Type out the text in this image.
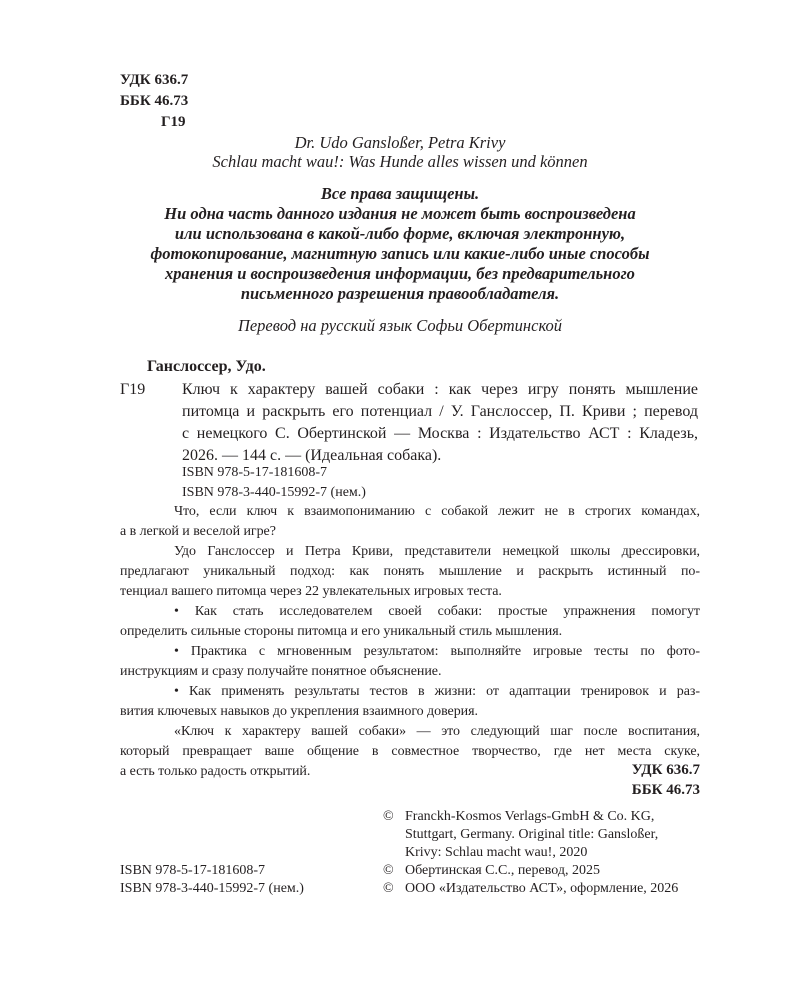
УДК 636.7
ББК 46.73
Г19
Dr. Udo Gansloßer, Petra Krivy
Schlau macht wau!: Was Hunde alles wissen und können
Все права защищены.
Ни одна часть данного издания не может быть воспроизведена
или использована в какой-либо форме, включая электронную,
фотокопирование, магнитную запись или какие-либо иные способы
хранения и воспроизведения информации, без предварительного
письменного разрешения правообладателя.
Перевод на русский язык Софьи Обертинской
Ганслоссер, Удо.
Г19 Ключ к характеру вашей собаки : как через игру понять мышление
питомца и раскрыть его потенциал / У. Ганслоссер, П. Криви ; перевод
с немецкого С. Обертинской — Москва : Издательство АСТ : Кладезь,
2026. — 144 с. — (Идеальная собака).
ISBN 978-5-17-181608-7
ISBN 978-3-440-15992-7 (нем.)
Что, если ключ к взаимопониманию с собакой лежит не в строгих командах,
а в легкой и веселой игре?
Удо Ганслоссер и Петра Криви, представители немецкой школы дрессировки,
предлагают уникальный подход: как понять мышление и раскрыть истинный по-
тенциал вашего питомца через 22 увлекательных игровых теста.
• Как стать исследователем своей собаки: простые упражнения помогут
определить сильные стороны питомца и его уникальный стиль мышления.
• Практика с мгновенным результатом: выполняйте игровые тесты по фото-
инструкциям и сразу получайте понятное объяснение.
• Как применять результаты тестов в жизни: от адаптации тренировок и раз-
вития ключевых навыков до укрепления взаимного доверия.
«Ключ к характеру вашей собаки» — это следующий шаг после воспитания,
который превращает ваше общение в совместное творчество, где нет места скуке,
а есть только радость открытий.	УДК 636.7
ББК 46.73
ISBN 978-5-17-181608-7
ISBN 978-3-440-15992-7 (нем.)
© Franckh-Kosmos Verlags-GmbH & Co. KG,
Stuttgart, Germany. Original title: Gansloßer,
Krivy: Schlau macht wau!, 2020
© Обертинская С.С., перевод, 2025
© ООО «Издательство АСТ», оформление, 2026
